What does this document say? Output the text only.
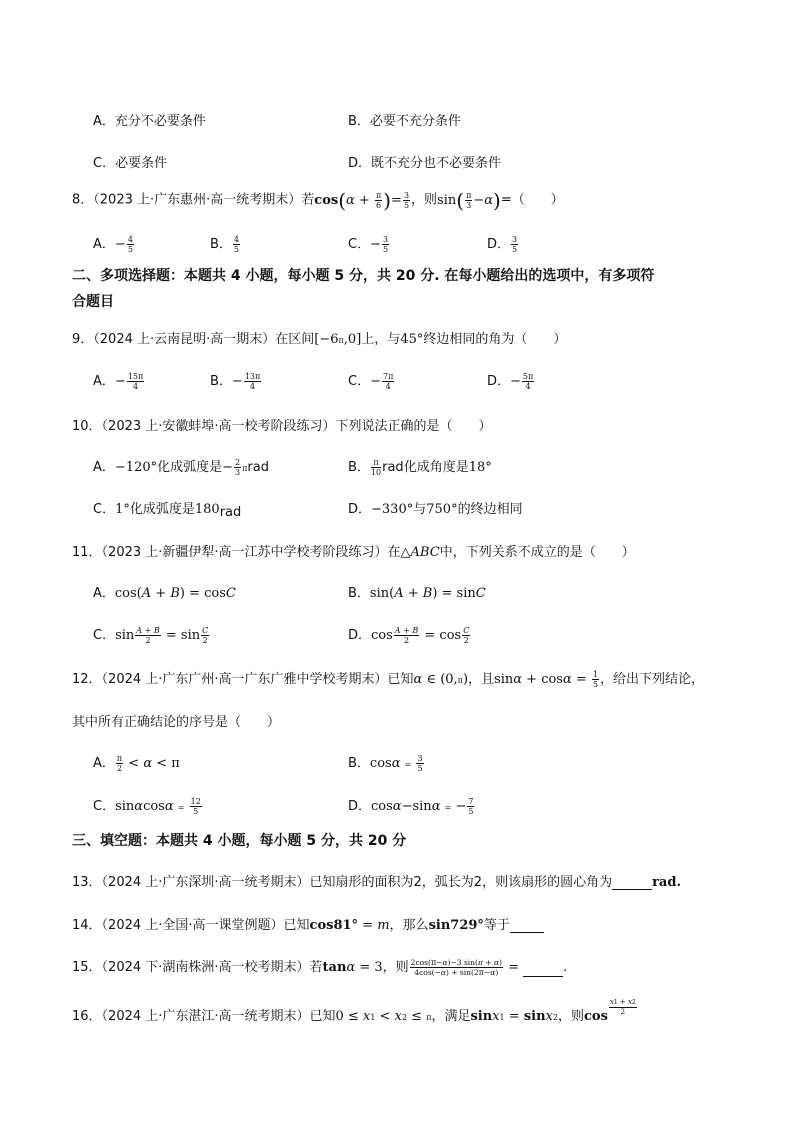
A．充分不必要条件	B．必要不充分条件
C．必要条件	D．既不充分也不必要条件
8．（2023 上·广东惠州·高一统考期末）若$\cos(\alpha + \frac{\pi}{6}$ )= $\frac{3}{5}$ ，则$\sin( \frac{\pi}{3} -\alpha)=$（　　）
A．− $\frac{4}{5}$	B． $\frac{4}{5}$	C．− $\frac{3}{5}$	D． $\frac{3}{5}$
二、多项选择题：本题共 4 小题，每小题 5 分，共 20 分. 在每小题给出的选项中，有多项符
合题目
9．（2024 上·云南昆明·高一期末）在区间[−6π,0]上，与45°终边相同的角为（　　）
A．− $\frac{15\pi}{4}$	B．− $\frac{13\pi}{4}$	C．− $\frac{7\pi}{4}$	D．− $\frac{5\pi}{4}$
10．（2023 上·安徽蚌埠·高一校考阶段练习）下列说法正确的是（　　）
A．−120°化成弧度是− $\frac{2}{3}$ πrad	B． $\frac{\pi}{10}$ rad化成角度是18°
C．1°化成弧度是180rad	D．−330°与750°的终边相同
11．（2023 上·新疆伊犁·高一江苏中学校考阶段练习）在△ABC中，下列关系不成立的是（　　）
A．cos(A + B) = cosC	B．sin(A + B) = sinC
C．$\sin \frac{A + B}{2} = \sin \frac{C}{2}$	D．$\cos \frac{A + B}{2} = \cos \frac{C}{2}$
12．（2024 上·广东广州·高一广东广雅中学校考期末）已知α ∈ (0,π)，且$\sin\alpha + \cos\alpha = \frac{1}{5}$ ，给出下列结论，
其中所有正确结论的序号是（　　）
A． $\frac{\pi}{2} < \alpha < \pi$	B．$\cos\alpha = \frac{3}{5}$
C．$\sin\alpha\cos\alpha = \frac{12}{5}$	D．cosα−sinα = − $\frac{7}{5}$
三、填空题：本题共 4 小题，每小题 5 分，共 20 分
13．（2024 上·广东深圳·高一统考期末）已知扇形的面积为2，弧长为2，则该扇形的圆心角为	rad.
14．（2024 上·全国·高一课堂例题）已知cos81° = m，那么sin729°等于
15．（2024 下·湖南株洲·高一校考期末）若tanα = 3，则 $\frac{2\cos(\pi-\alpha)-3 \sin(\pi + \alpha)}{4\cos(-\alpha) + \sin(2\pi-\alpha)}$ =	.
16．（2024 上·广东湛江·高一统考期末）已知0 ≤ x1 < x2 ≤ π，满足sinx1 = sinx2，则$\cos \frac{x1 + x2}{2}$
